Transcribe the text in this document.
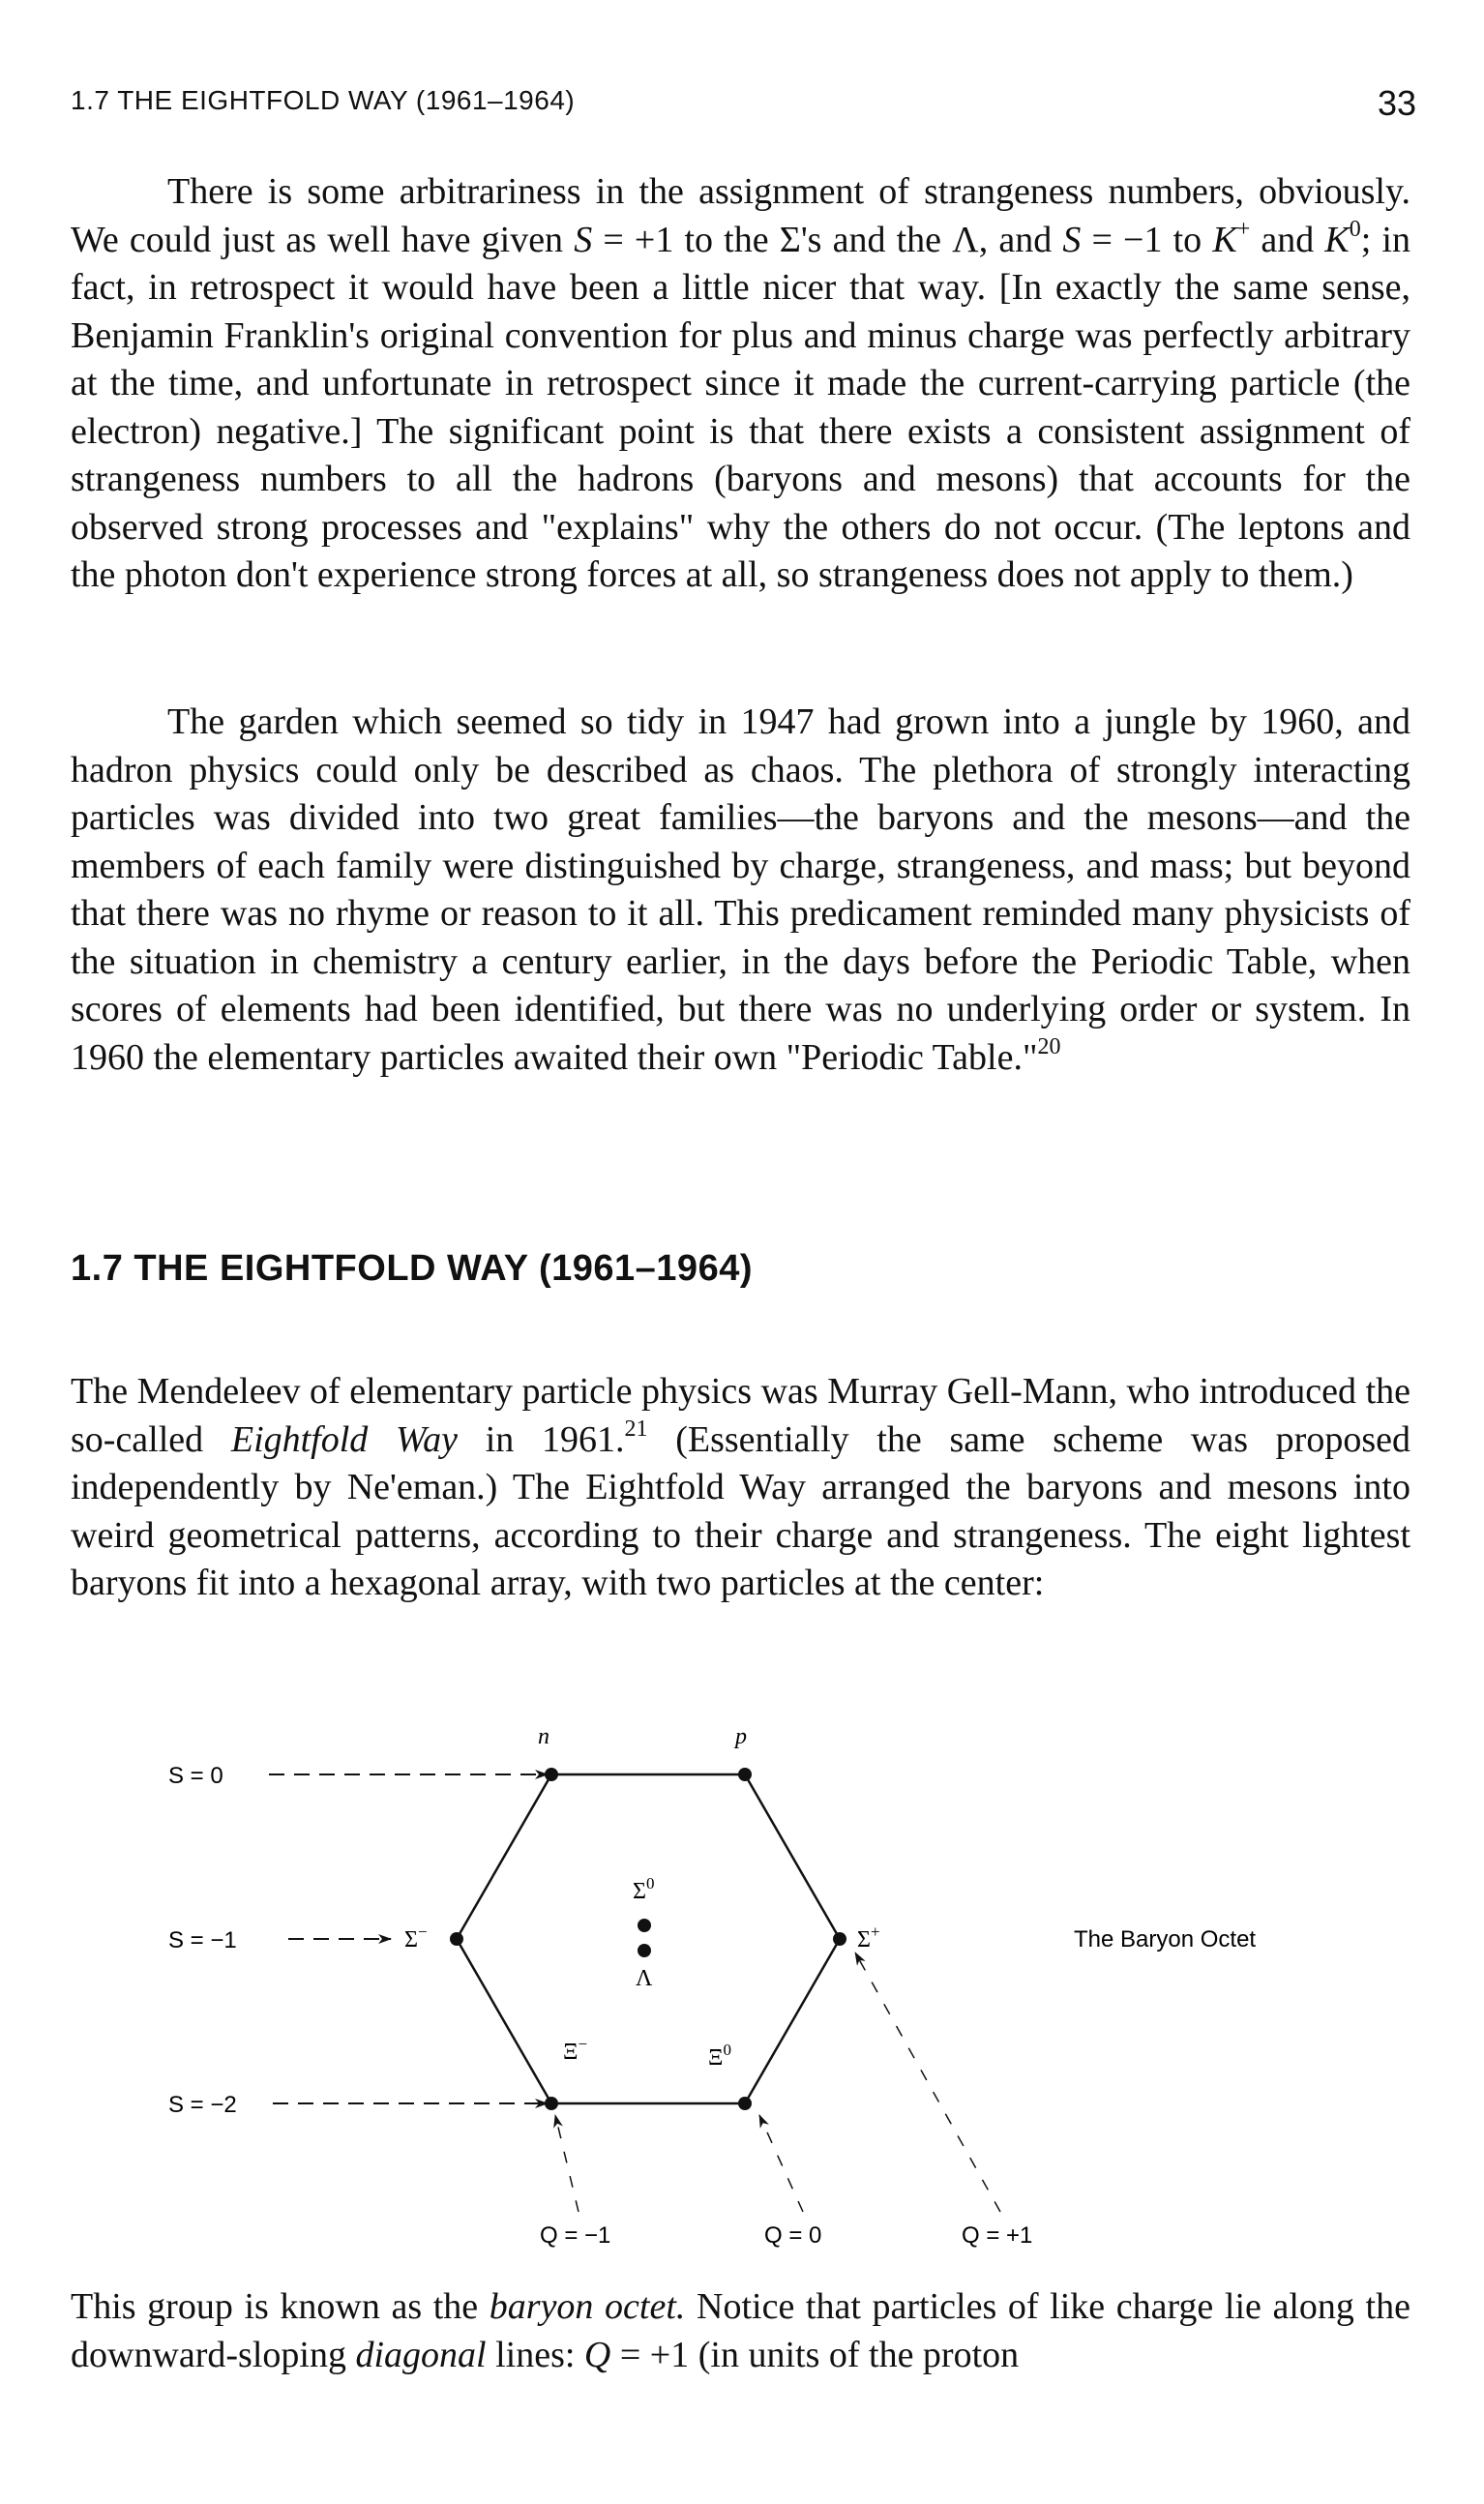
1.7 THE EIGHTFOLD WAY (1961–1964)	33

There is some arbitrariness in the assignment of strangeness numbers, obviously. We could just as well have given S = +1 to the Σ's and the Λ, and S = −1 to K+ and $K^0$; in fact, in retrospect it would have been a little nicer that way. [In exactly the same sense, Benjamin Franklin's original convention for plus and minus charge was perfectly arbitrary at the time, and unfortunate in retrospect since it made the current-carrying particle (the electron) negative.] The significant point is that there exists a consistent assignment of strangeness numbers to all the hadrons (baryons and mesons) that accounts for the observed strong processes and "explains" why the others do not occur. (The leptons and the photon don't experience strong forces at all, so strangeness does not apply to them.)

The garden which seemed so tidy in 1947 had grown into a jungle by 1960, and hadron physics could only be described as chaos. The plethora of strongly interacting particles was divided into two great families—the baryons and the mesons—and the members of each family were distinguished by charge, strangeness, and mass; but beyond that there was no rhyme or reason to it all. This predicament reminded many physicists of the situation in chemistry a century earlier, in the days before the Periodic Table, when scores of elements had been identified, but there was no underlying order or system. In 1960 the elementary particles awaited their own "Periodic Table."$^{20}$

1.7 THE EIGHTFOLD WAY (1961–1964)

The Mendeleev of elementary particle physics was Murray Gell-Mann, who introduced the so-called Eightfold Way in 1961.21 (Essentially the same scheme was proposed independently by Ne'eman.) The Eightfold Way arranged the baryons and mesons into weird geometrical patterns, according to their charge and strangeness. The eight lightest baryons fit into a hexagonal array, with two particles at the center:

S = 0
S = −1
S = −2
Q = −1	Q = 0	Q = +1
n	p
Σ−
$\Sigma^0$
Λ
Σ+
Ξ−
$\Xi^0$
The Baryon Octet

This group is known as the baryon octet. Notice that particles of like charge lie along the downward-sloping diagonal lines: Q = +1 (in units of the proton
